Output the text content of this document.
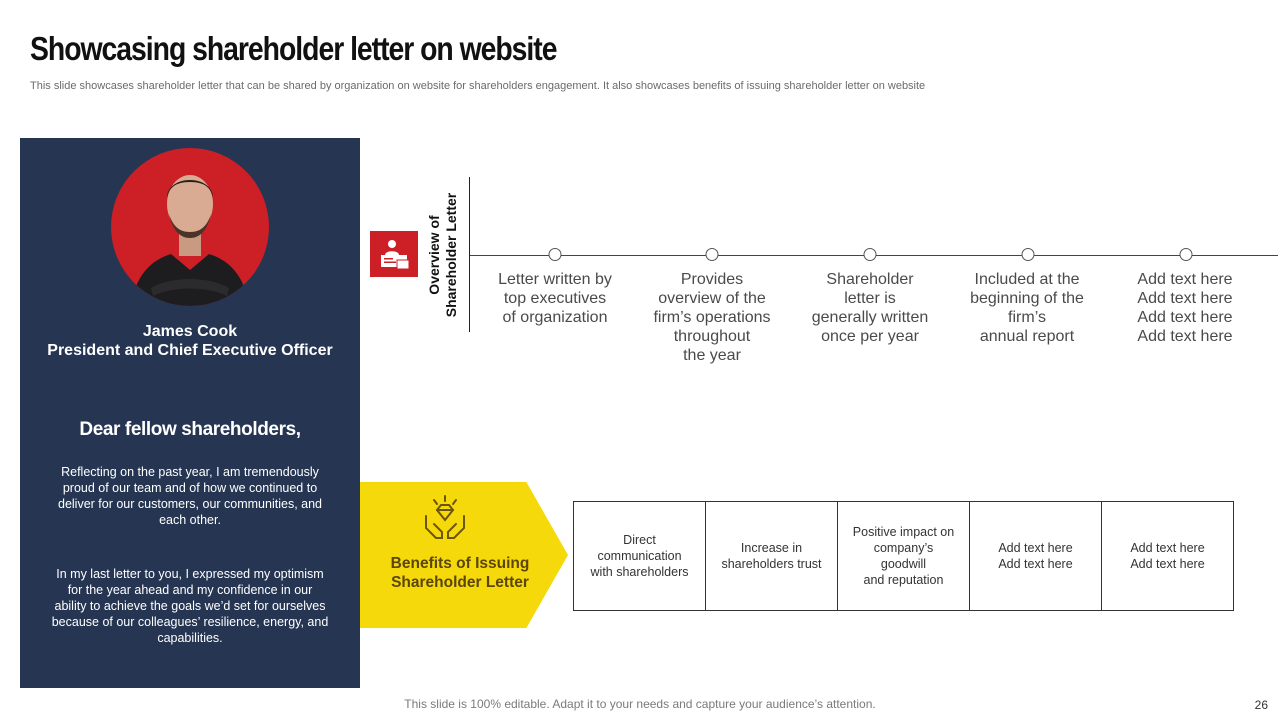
Showcasing shareholder letter on website
This slide showcases shareholder letter that can be shared by organization on website for shareholders engagement. It also showcases benefits of issuing shareholder letter on website
James Cook
President and Chief Executive Officer
Dear fellow shareholders,
Reflecting on the past year, I am tremendously proud of our team and of how we continued to deliver for our customers, our communities, and each other.
In my last letter to you, I expressed my optimism for the year ahead and my confidence in our ability to achieve the goals we’d set for ourselves because of our colleagues’ resilience, energy, and capabilities.
Overview of Shareholder Letter	Letter written by
top executives
of organization
Provides
overview of the
firm’s operations
throughout
the year
Shareholder
letter is
generally written
once per year
Included at the
beginning of the
firm’s
annual report
Add text here
Add text here
Add text here
Add text here
Benefits of Issuing Shareholder Letter
Direct
communication
with shareholders
Increase in
shareholders trust
Positive impact on
company’s
goodwill
and reputation
Add text here
Add text here
Add text here
Add text here
This slide is 100% editable. Adapt it to your needs and capture your audience’s attention.	26
